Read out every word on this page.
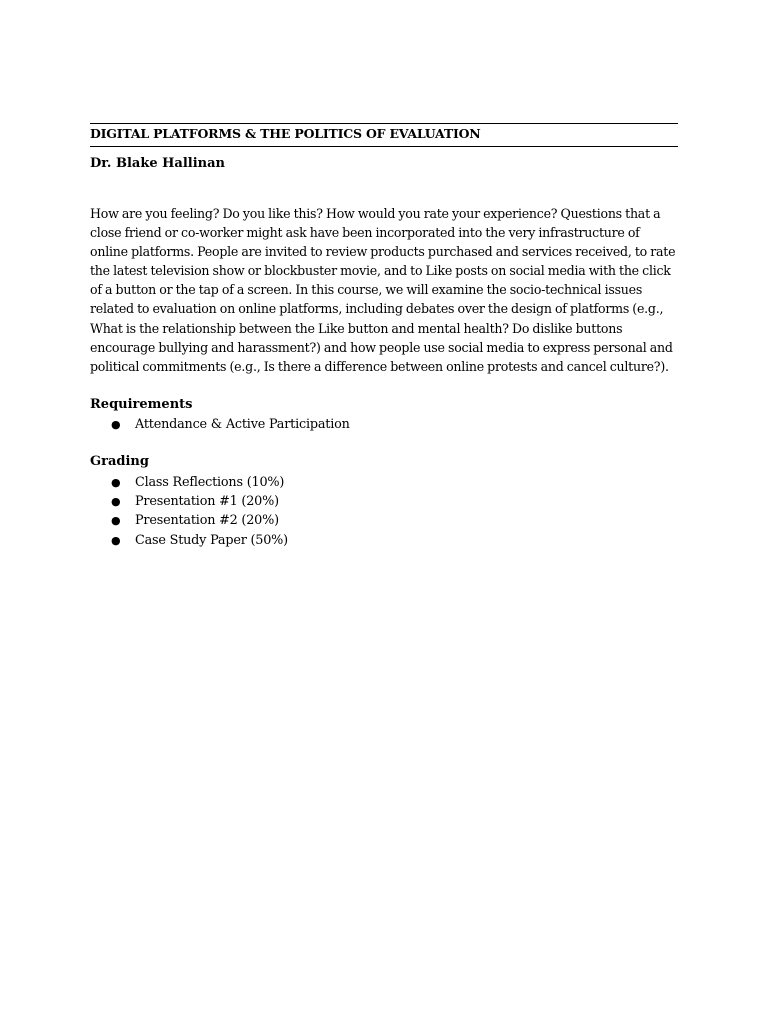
DIGITAL PLATFORMS & THE POLITICS OF EVALUATION
Dr. Blake Hallinan
How are you feeling? Do you like this? How would you rate your experience? Questions that a close friend or co-worker might ask have been incorporated into the very infrastructure of online platforms. People are invited to review products purchased and services received, to rate the latest television show or blockbuster movie, and to Like posts on social media with the click of a button or the tap of a screen. In this course, we will examine the socio-technical issues related to evaluation on online platforms, including debates over the design of platforms (e.g., What is the relationship between the Like button and mental health? Do dislike buttons encourage bullying and harassment?) and how people use social media to express personal and political commitments (e.g., Is there a difference between online protests and cancel culture?).
Requirements
● Attendance & Active Participation
Grading
● Class Reflections (10%)
● Presentation #1 (20%)
● Presentation #2 (20%)
● Case Study Paper (50%)
